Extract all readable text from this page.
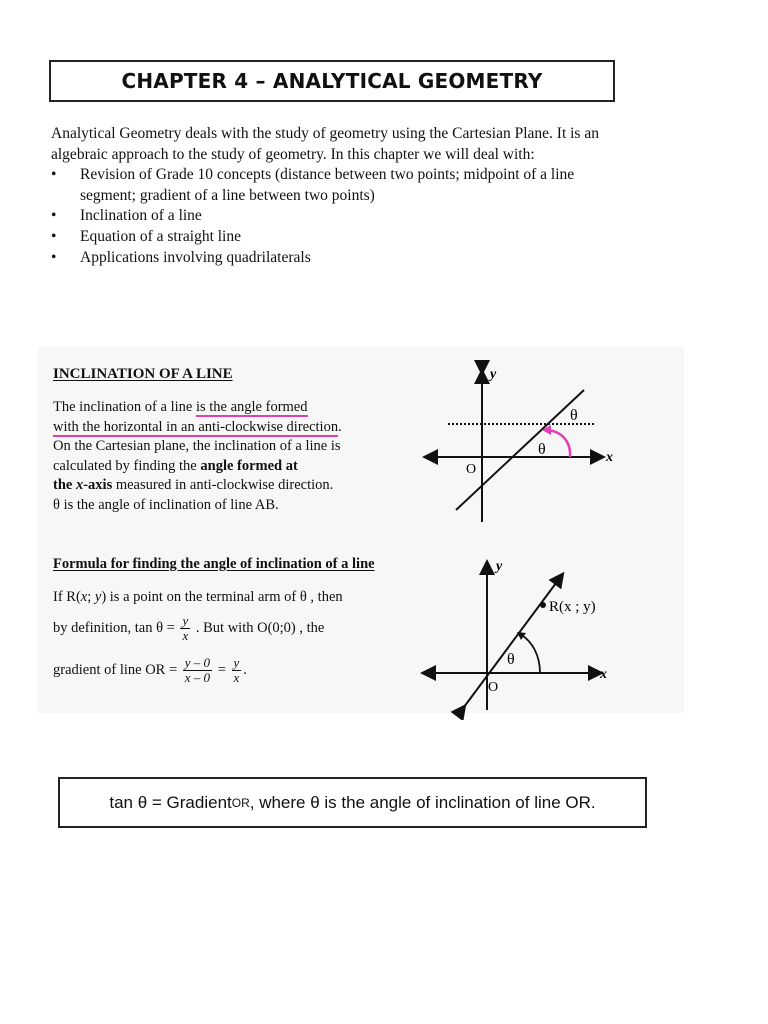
CHAPTER 4 – ANALYTICAL GEOMETRY

Analytical Geometry deals with the study of geometry using the Cartesian Plane. It is an algebraic approach to the study of geometry. In this chapter we will deal with:

• Revision of Grade 10 concepts (distance between two points; midpoint of a line segment; gradient of a line between two points)
• Inclination of a line
• Equation of a straight line
• Applications involving quadrilaterals
INCLINATION OF A LINE
The inclination of a line is the angle formed
with the horizontal in an anti-clockwise direction.
On the Cartesian plane, the inclination of a line is
calculated by finding the angle formed at
the x-axis measured in anti-clockwise direction.
θ is the angle of inclination of line AB.
y
x
O
θ
θ
Formula for finding the angle of inclination of a line
If R(x; y) is a point on the terminal arm of θ , then
by definition, $\tan \theta = \frac{y}{x}$ . But with O(0;0) , the
gradient of line OR = $\frac{y - 0}{x - 0} = \frac{y}{x}$ .
y
x
O
θ
R(x ; y)
tan θ = Gradient OR , where θ is the angle of inclination of line OR.
